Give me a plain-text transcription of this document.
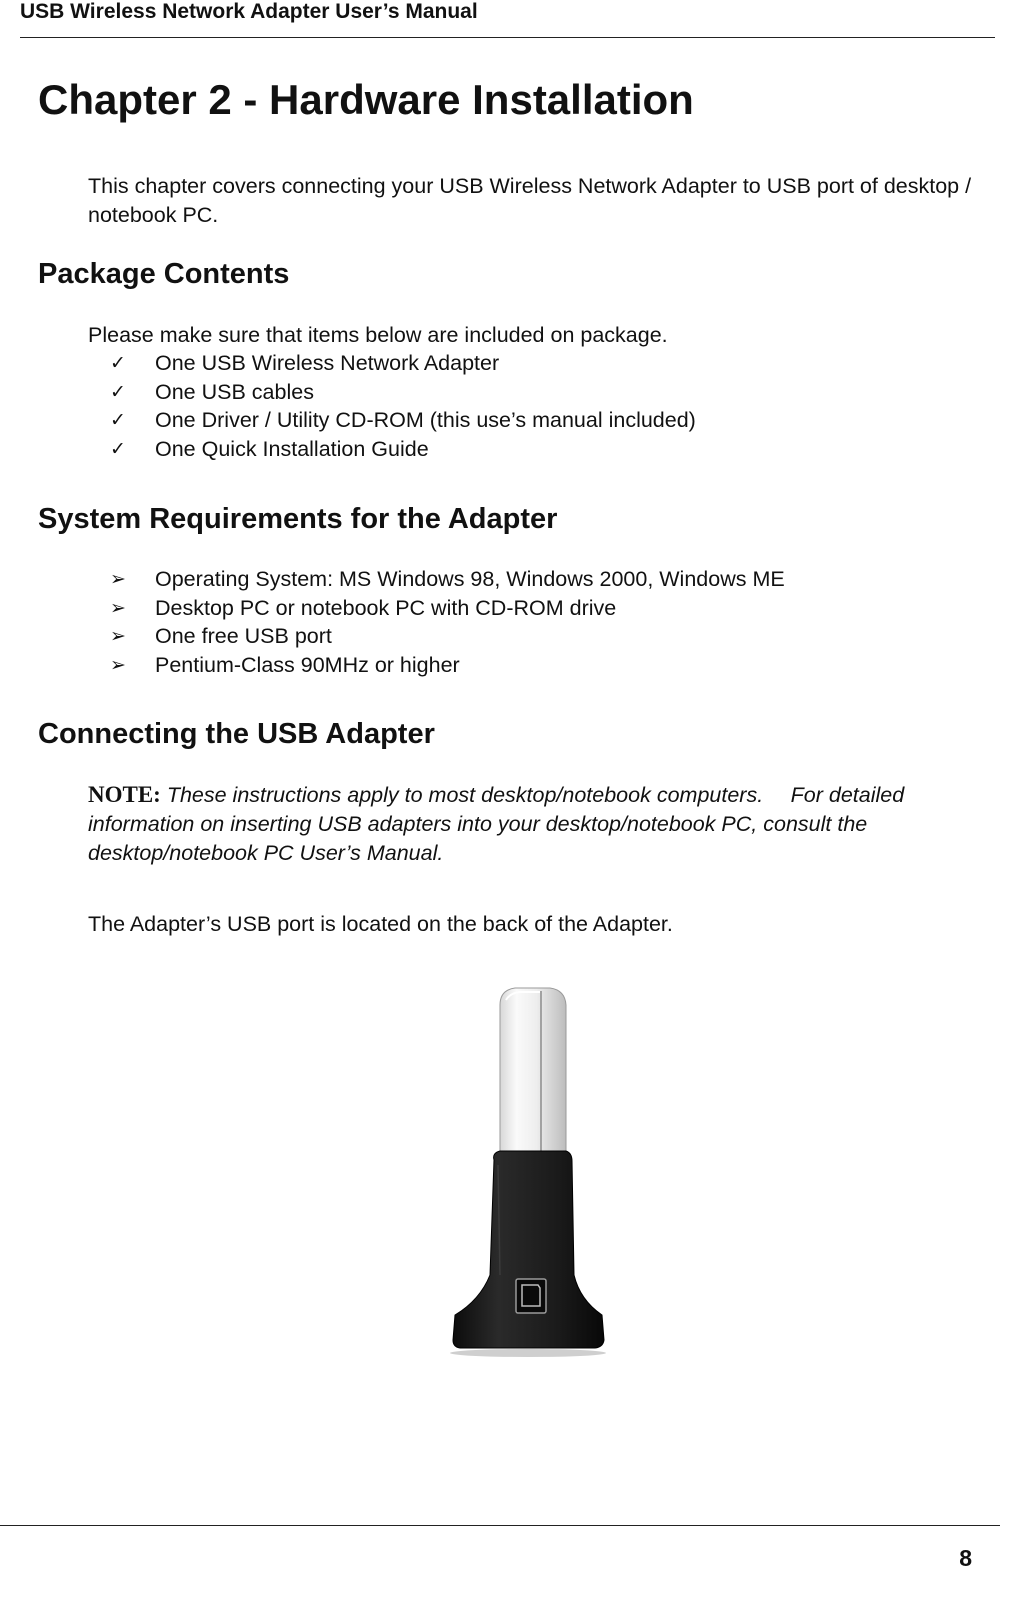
USB Wireless Network Adapter User’s Manual
Chapter 2 - Hardware Installation

This chapter covers connecting your USB Wireless Network Adapter to USB port of desktop / notebook PC.

Package Contents

Please make sure that items below are included on package.

✓ One USB Wireless Network Adapter
✓ One USB cables
✓ One Driver / Utility CD-ROM (this use’s manual included)
✓ One Quick Installation Guide
System Requirements for the Adapter
➢ Operating System: MS Windows 98, Windows 2000, Windows ME
➢ Desktop PC or notebook PC with CD-ROM drive
➢ One free USB port
➢ Pentium-Class 90MHz or higher
Connecting the USB Adapter

NOTE: These instructions apply to most desktop/notebook computers.  For detailed information on inserting USB adapters into your desktop/notebook PC, consult the desktop/notebook PC User’s Manual.

The Adapter’s USB port is located on the back of the Adapter.

8
